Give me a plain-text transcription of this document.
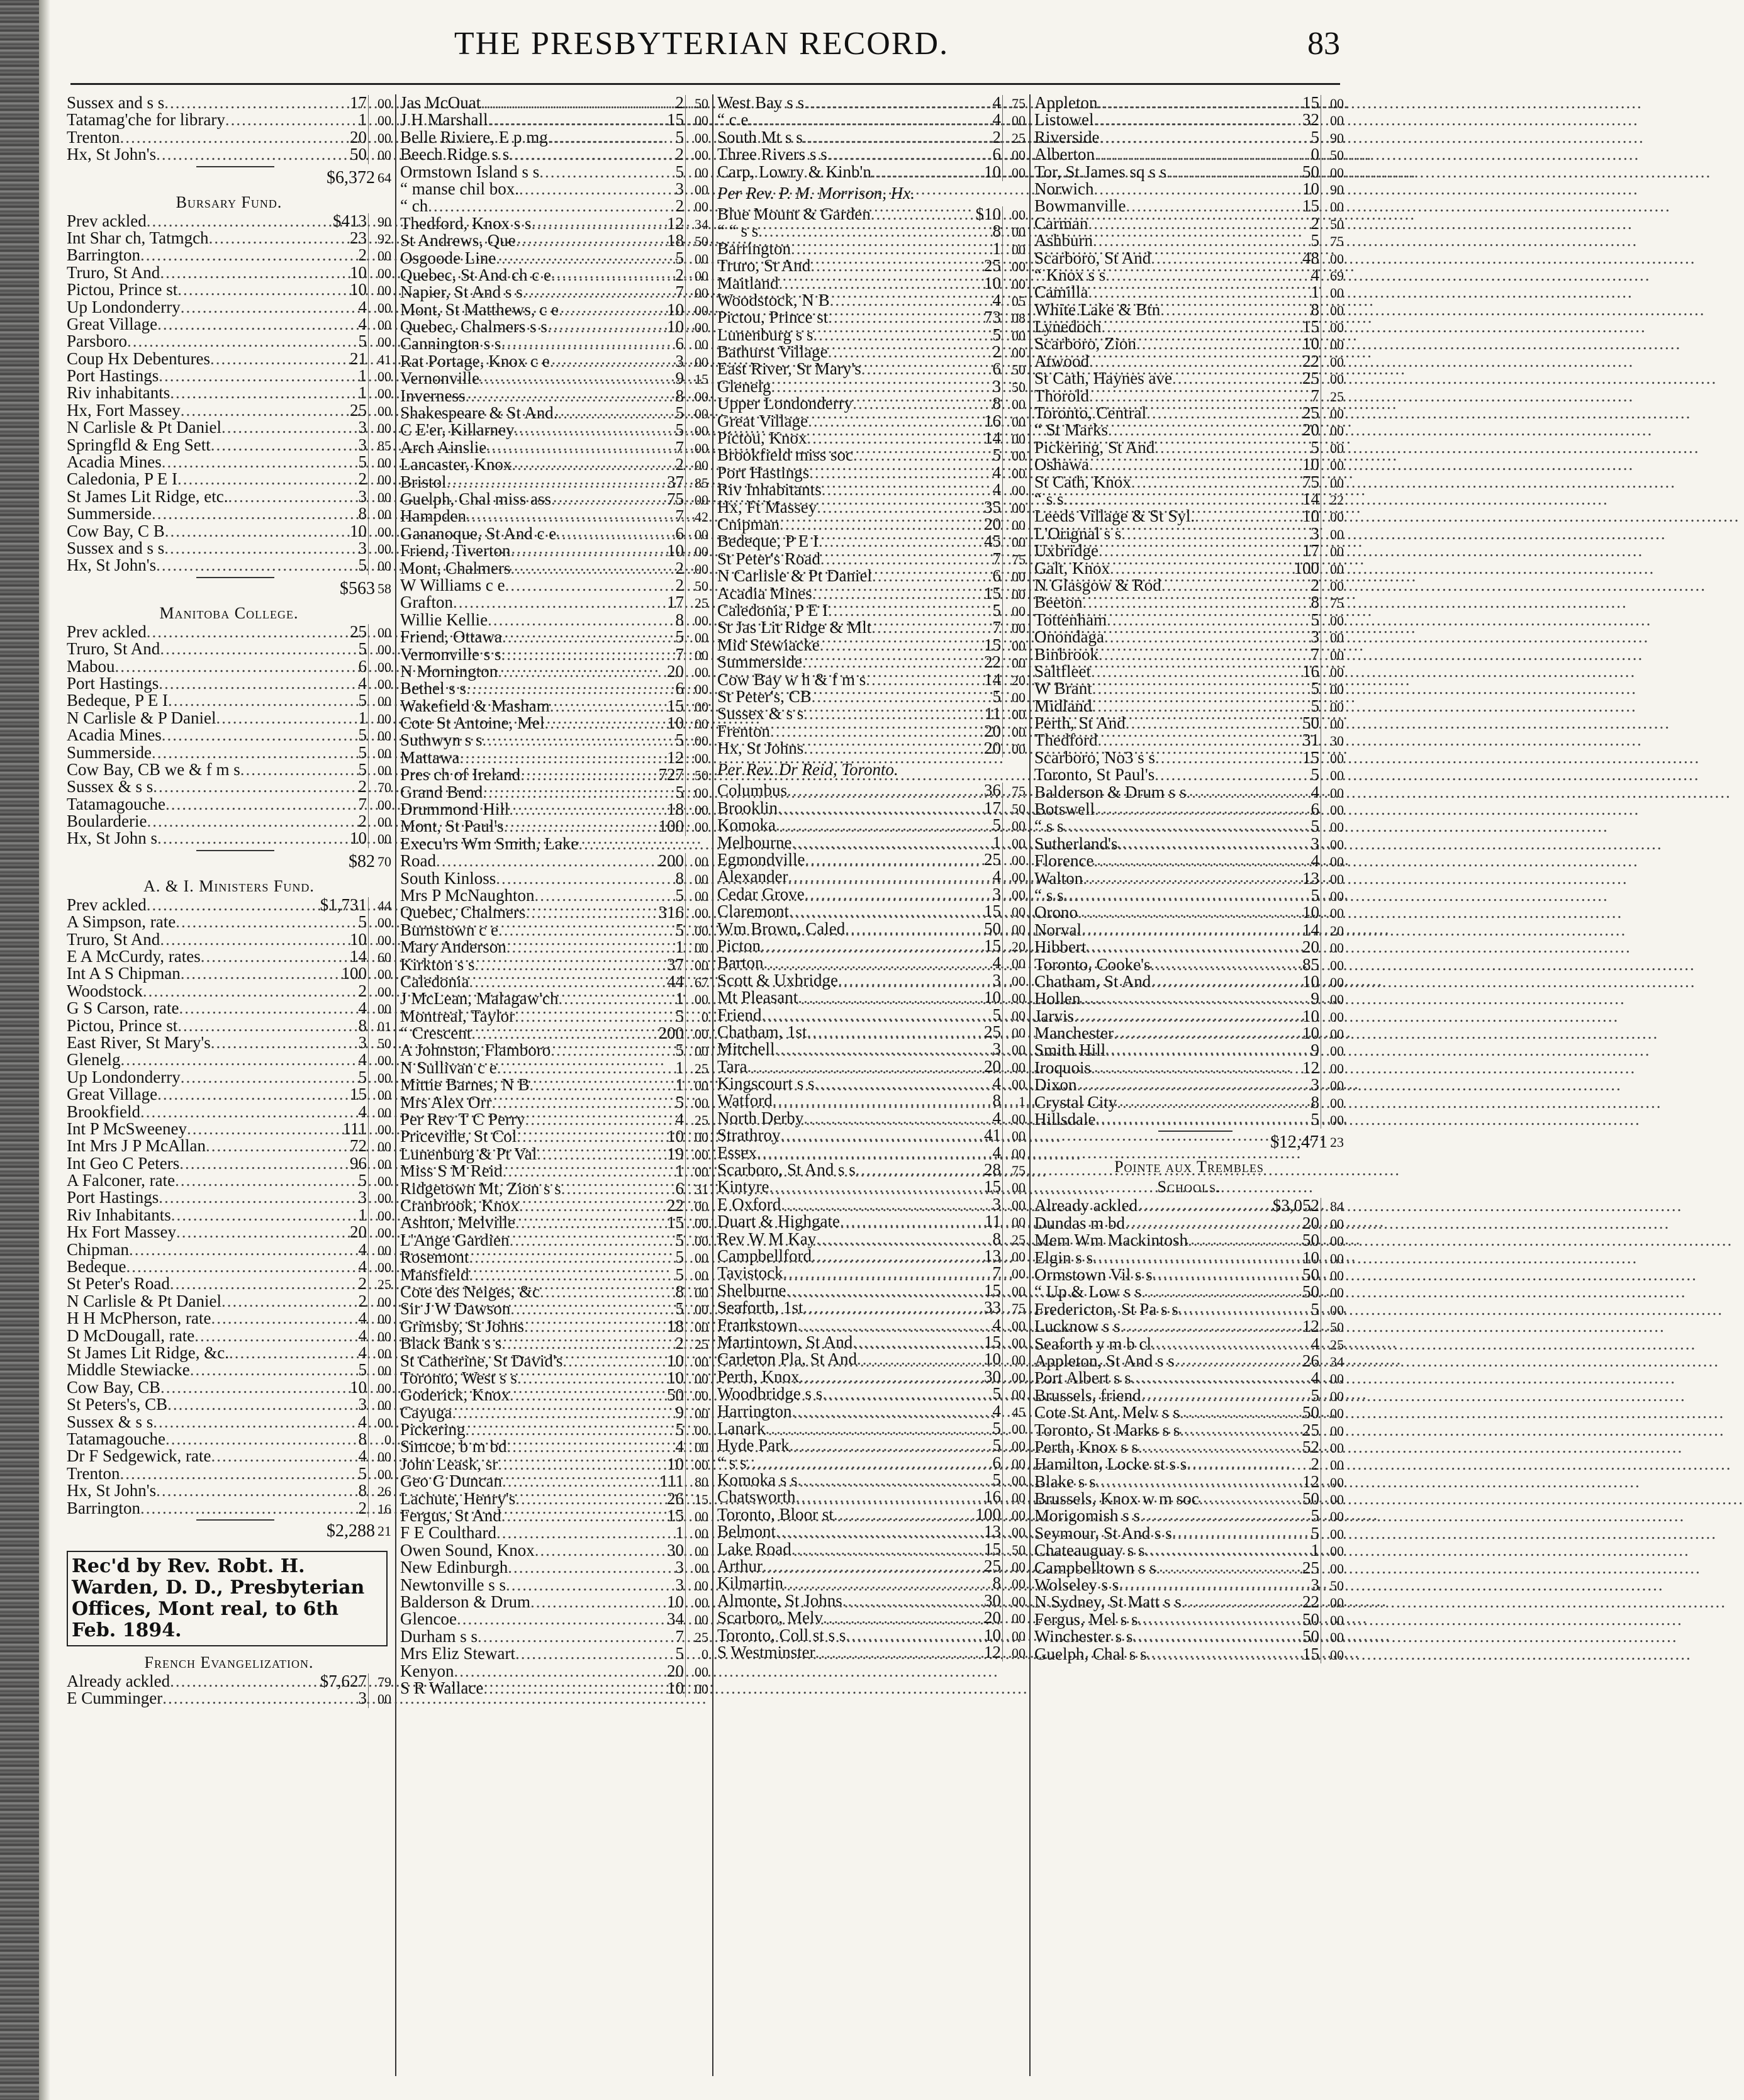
THE PRESBYTERIAN RECORD.	83
Sussex and s s .....	17 00
Tatamag'che for library .....	1 00
Trenton .....	20 00
Hx, St John's .....	50 00
$6,372 64
Bursary Fund.
Prev ackled .....	$413 90
Int Shar ch, Tatmgch .....	23 92
Barrington .....	2 00
Truro, St And .....	10 00
Pictou, Prince st .....	10 00
Up Londonderry .....	4 00
Great Village .....	4 00
Parsboro .....	5 00
Coup Hx Debentures .....	21 41
Port Hastings .....	1 00
Riv inhabitants .....	1 00
Hx, Fort Massey .....	25 00
N Carlisle & Pt Daniel .....	3 00
Springfld & Eng Sett .....	3 85
Acadia Mines .....	5 00
Caledonia, P E I .....	2 00
St James Lit Ridge, etc. .....	3 00
Summerside .....	8 00
Cow Bay, C B .....	10 00
Sussex and s s .....	3 00
Hx, St John's .....	5 00
$563 58
Manitoba College.
Prev ackled .....	25 00
Truro, St And .....	5 00
Mabou .....	6 00
Port Hastings .....	4 00
Bedeque, P E I .....	5 00
N Carlisle & P Daniel .....	1 00
Acadia Mines .....	5 00
Summerside .....	5 00
Cow Bay, CB we & f m s .....	5 00
Sussex & s s .....	2 70
Tatamagouche .....	7 00
Boularderie .....	2 00
Hx, St John s .....	10 00
$82 70
A. & I. Ministers Fund.
Prev ackled .....	$1,731 44
A Simpson, rate .....	5 00
Truro, St And .....	10 00
E A McCurdy, rates .....	14 60
Int A S Chipman .....	100 00
Woodstock .....	2 00
G S Carson, rate .....	4 00
Pictou, Prince st .....	8 01
East River, St Mary's .....	3 50
Glenelg .....	4 00
Up Londonderry .....	5 00
Great Village .....	15 00
Brookfield .....	4 00
Int P McSweeney .....	111 00
Int Mrs J P McAllan .....	72 00
Int Geo C Peters .....	96 00
A Falconer, rate .....	5 00
Port Hastings .....	3 00
Riv Inhabitants .....	1 00
Hx Fort Massey .....	20 00
Chipman .....	4 00
Bedeque .....	4 00
St Peter's Road .....	2 25
N Carlisle & Pt Daniel .....	2 00
H H McPherson, rate .....	4 00
D McDougall, rate .....	4 00
St James Lit Ridge, &c. .....	4 00
Middle Stewiacke .....	5 00
Cow Bay, CB .....	10 00
St Peters's, CB .....	3 00
Sussex & s s .....	4 00
Tatamagouche .....	8	0
Dr F Sedgewick, rate .....	4 00
Trenton .....	5 00
Hx, St John's .....	8 26
Barrington .....	2 16
$2,288 21
Rec'd by Rev. Robt. H. Warden, D. D., Presbyterian Offices, Mont real, to 6th Feb. 1894.
French Evangelization.
Already ackled .....	$7,627 79
E Cumminger .....	3 00
Jas McOuat .....	2 50
J H Marshall .....	15 00
Belle Riviere, E p mg .....	5 00
Beech Ridge s s .....	2 00
Ormstown Island s s .....	5 00
“ manse chil box. .....	3 00
“ ch .....	2 00
Thedford, Knox s s .....	12 34
St Andrews, Que .....	18 50
Osgoode Line .....	5 00
Quebec, St And ch c e .....	2 00
Napier, St And s s .....	7 00
Mont, St Matthews, c e .....	10 00
Quebec, Chalmers s s .....	10 00
Cannington s s .....	6 00
Rat Portage, Knox c e .....	3 00
Vernonville .....	9 15
Inverness .....	8 00
Shakespeare & St And. .....	5 00
C E'er, Killarney .....	5 00
Arch Ainslie .....	7 00
Lancaster, Knox .....	2 00
Bristol .....	37 85
Guelph, Chal miss ass .....	75 00
Hampden .....	7 42
Gananoque, St And c e .....	6 00
Friend, Tiverton .....	10 00
Mont, Chalmers .....	2 00
W Williams c e .....	2 50
Grafton .....	17 25
Willie Kellie .....	8 00
Friend, Ottawa .....	5 00
Vernonville s s .....	7 00
N Mornington .....	20 00
Bethel s s .....	6 00
Wakefield & Masham .....	15 00
Cote St Antoine, Mel .....	10 00
Suthwyn s s .....	5 00
Mattawa .....	12 00
Pres ch of Ireland .....	727 50
Grand Bend .....	5 00
Drummond Hill .....	18 00
Mont, St Paul's .....	100 00
Execu'rs Wm Smith, Lake
.....
Road .....	200 00
South Kinloss .....	8 00
Mrs P McNaughton .....	5 00
Quebec, Chalmers .....	316 00
Burnstown c e .....	5 00
Mary Anderson .....	1 00
Kirkton s s .....	37 00
Caledonia .....	44 67
J McLean, Malagaw'ch .....	1 00
Montreal, Taylor .....	5	0
“ Crescent .....	200 00
A Johnston, Flamboro .....	5 00
N Sullivan c e .....	1 25
Mittie Barnes, N B .....	1 00
Mrs Alex Orr .....	5 00
Per Rev T C Perry .....	4 25
Priceville, St Col .....	10 00
Lunenburg & Pt Val .....	19 00
Miss S M Reid .....	1 00
Ridgetown Mt, Zion s s .....	6 31
Cranbrook, Knox .....	22 00
Ashton, Melville .....	15 00
L'Ange Gardien .....	5 00
Rosemont .....	5 00
Mansfield .....	5 00
Cote des Neiges, &c .....	8 00
Sir J W Dawson .....	5 00
Grimsby, St Johns .....	18 00
Black Bank s s .....	2 25
St Catherine, St David's .....	10 00
Toronto, West s s .....	10 00
Goderick, Knox .....	50 00
Cayuga .....	9 00
Pickering .....	5 00
Simcoe, b m bd .....	4 00
John Leask, sr .....	10 00
Geo G Duncan .....	111 80
Lachute, Henry's .....	26 15
Fergus, St And .....	15 00
F E Coulthard .....	1 00
Owen Sound, Knox .....	30 00
New Edinburgh .....	3 00
Newtonville s s .....	3 00
Balderson & Drum .....	10 00
Glencoe .....	34 00
Durham s s .....	7 25
Mrs Eliz Stewart .....	5	0
Kenyon .....	20 00
S R Wallace .....	10 00
West Bay s s .....	4 75
“ c e .....	4 00
South Mt s s .....	2 25
Three Rivers s s .....	6 00
Carp, Lowry & Kinb'n .....	10 00
Per Rev. P. M. Morrison, Hx.
Blue Mount & Garden .....	$10 00
“ “ s s .....	8 00
Barrington .....	1 00
Truro, St And .....	25 00
Maitland .....	10 00
Woodstock, N B .....	4 05
Pictou, Prince st .....	73 08
Lunenburg s s .....	5 00
Bathurst Village .....	2 00
East River, St Mary's .....	6 50
Glenelg .....	3 50
Upper Londonderry .....	8 00
Great Village .....	16 00
Pictou, Knox .....	14 00
Brookfield miss soc .....	5 00
Port Hastings .....	4 00
Riv Inhabitants .....	4 00
Hx, Ft Massey .....	35 00
Cnipman .....	20 00
Bedeque, P E I .....	45 00
St Peter's Road .....	7 75
N Carlisle & Pt Daniel .....	6 00
Acadia Mines .....	15 00
Caledonia, P E I .....	5 00
St Jas Lit Ridge & Mlt .....	7 00
Mid Stewiacke .....	15 00
Summerside .....	22 00
Cow Bay w h & f m s .....	14 20
St Peter's, CB .....	5 00
Sussex & s s .....	11 00
Frenton .....	20 00
Hx, St Johns .....	20 00
Per Rev. Dr Reid, Toronto.
Columbus .....	36 75
Brooklin .....	17 50
Komoka .....	5 00
Melbourne .....	1 00
Egmondville .....	25 00
Alexander .....	4 00
Cedar Grove .....	3 00
Claremont .....	15 00
Wm Brown, Caled .....	50 00
Picton .....	15 20
Barton .....	4 00
Scott & Uxbridge .....	3 00
Mt Pleasant .....	10 00
Friend .....	5 00
Chatham, 1st .....	25 00
Mitchell .....	3 00
Tara .....	20 00
Kingscourt s s .....	4 00
Watford .....	8	1
North Derby .....	4 00
Strathroy .....	41 00
Essex .....	4 00
Scarboro, St And s s .....	28 75
Kintyre .....	15 00
E Oxford .....	3 00
Duart & Highgate .....	11 00
Rev W M Kay .....	8 25
Campbellford .....	13 00
Tavistock .....	7 00
Shelburne .....	15 00
Seaforth, 1st .....	33 75
Frankstown .....	4 00
Martintown, St And .....	15 00
Carleton Pla, St And .....	10 00
Perth, Knox .....	30 00
Woodbridge s s .....	5 00
Harrington .....	4 45
Lanark .....	5 00
Hyde Park .....	5 00
“ s s .....	6 00
Komoka s s .....	5 00
Chatsworth .....	16 00
Toronto, Bloor st .....	100 00
Belmont .....	13 00
Lake Road .....	15 50
Arthur .....	25 00
Kilmartin .....	8 00
Almonte, St Johns .....	30 00
Scarboro, Melv .....	20 00
Toronto, Coll st s s .....	10 00
S Westminster .....	12 00
Appleton .....	15 00
Listowel .....	32 00
Riverside .....	5 90
Alberton .....	0 50
Tor, St James sq s s .....	50 00
Norwich .....	10 90
Bowmanville .....	15 00
Carman .....	2 50
Ashburn .....	5 75
Scarboro, St And .....	48 00
“ Knox s s .....	4 69
Camilla .....	1 00
White Lake & Btn .....	8 00
Lynedoch .....	15 00
Scarboro, Zion .....	10 00
Atwood .....	22 00
St Cath, Haynes ave .....	25 00
Thorold .....	7 25
Toronto, Central .....	25 00
“ St Marks .....	20 00
Pickering, St And .....	5 00
Oshawa .....	10 00
St Cath, Knox .....	75 00
“ s s .....	14 22
Leeds Village & St Syl. .....	10 00
L'Orignal s s .....	3 00
Uxbridge .....	17 00
Galt, Knox .....	100 00
N Glasgow & Rod .....	2 00
Beeton .....	8 75
Tottenham .....	5 00
Onondaga .....	3 00
Binbrook .....	7 00
Saltfleet .....	16 00
W Brant .....	5 00
Midland .....	5 00
Perth, St And .....	50 00
Thedford .....	31 30
Scarboro, No3 s s .....	15 00
Toronto, St Paul's .....	5 00
Balderson & Drum s s .....	4 00
Botswell .....	6 00
“ s s .....	5 00
Sutherland's .....	3 00
Florence .....	4 00
Walton .....	13 00
“ s s .....	5 00
Orono .....	10 00
Norval .....	14 20
Hibbert .....	20 00
Toronto, Cooke's .....	85 00
Chatham, St And .....	10 00
Hollen .....	9 00
Jarvis .....	10 00
Manchester .....	10 00
Smith Hill .....	9 00
Iroquois .....	12 00
Dixon .....	3 00
Crystal City .....	8 00
Hillsdale .....	5 00
$12,471 23
Pointe aux Trembles
Schools.
Already ackled .....	$3,052 84
Dundas m bd .....	20 00
Mem Wm Mackintosh .....	50 00
Elgin s s .....	10 00
Ormstown Vil s s .....	50 00
“ Up & Low s s .....	50 00
Fredericton, St Pa s s .....	5 00
Lucknow s s .....	12 50
Seaforth y m b cl .....	4 25
Appleton, St And s s .....	26 34
Port Albert s s .....	4 00
Brussels, friend .....	5 00
Cote St Ant, Melv s s .....	50 00
Toronto, St Marks s s .....	25 00
Perth, Knox s s .....	52 00
Hamilton, Locke st s s .....	2 00
Blake s s .....	12 00
Brussels, Knox w m soc .....	50 00
Morigomish s s .....	5 00
Seymour, St And s s .....	5 00
Chateauguay s s .....	1 00
Campbelltown s s .....	25 00
Wolseley s s .....	3 50
N Sydney, St Matt s s .....	22 00
Fergus, Mel s s .....	50 00
Winchester s s .....	50 00
Guelph, Chal s s .....	15 00
